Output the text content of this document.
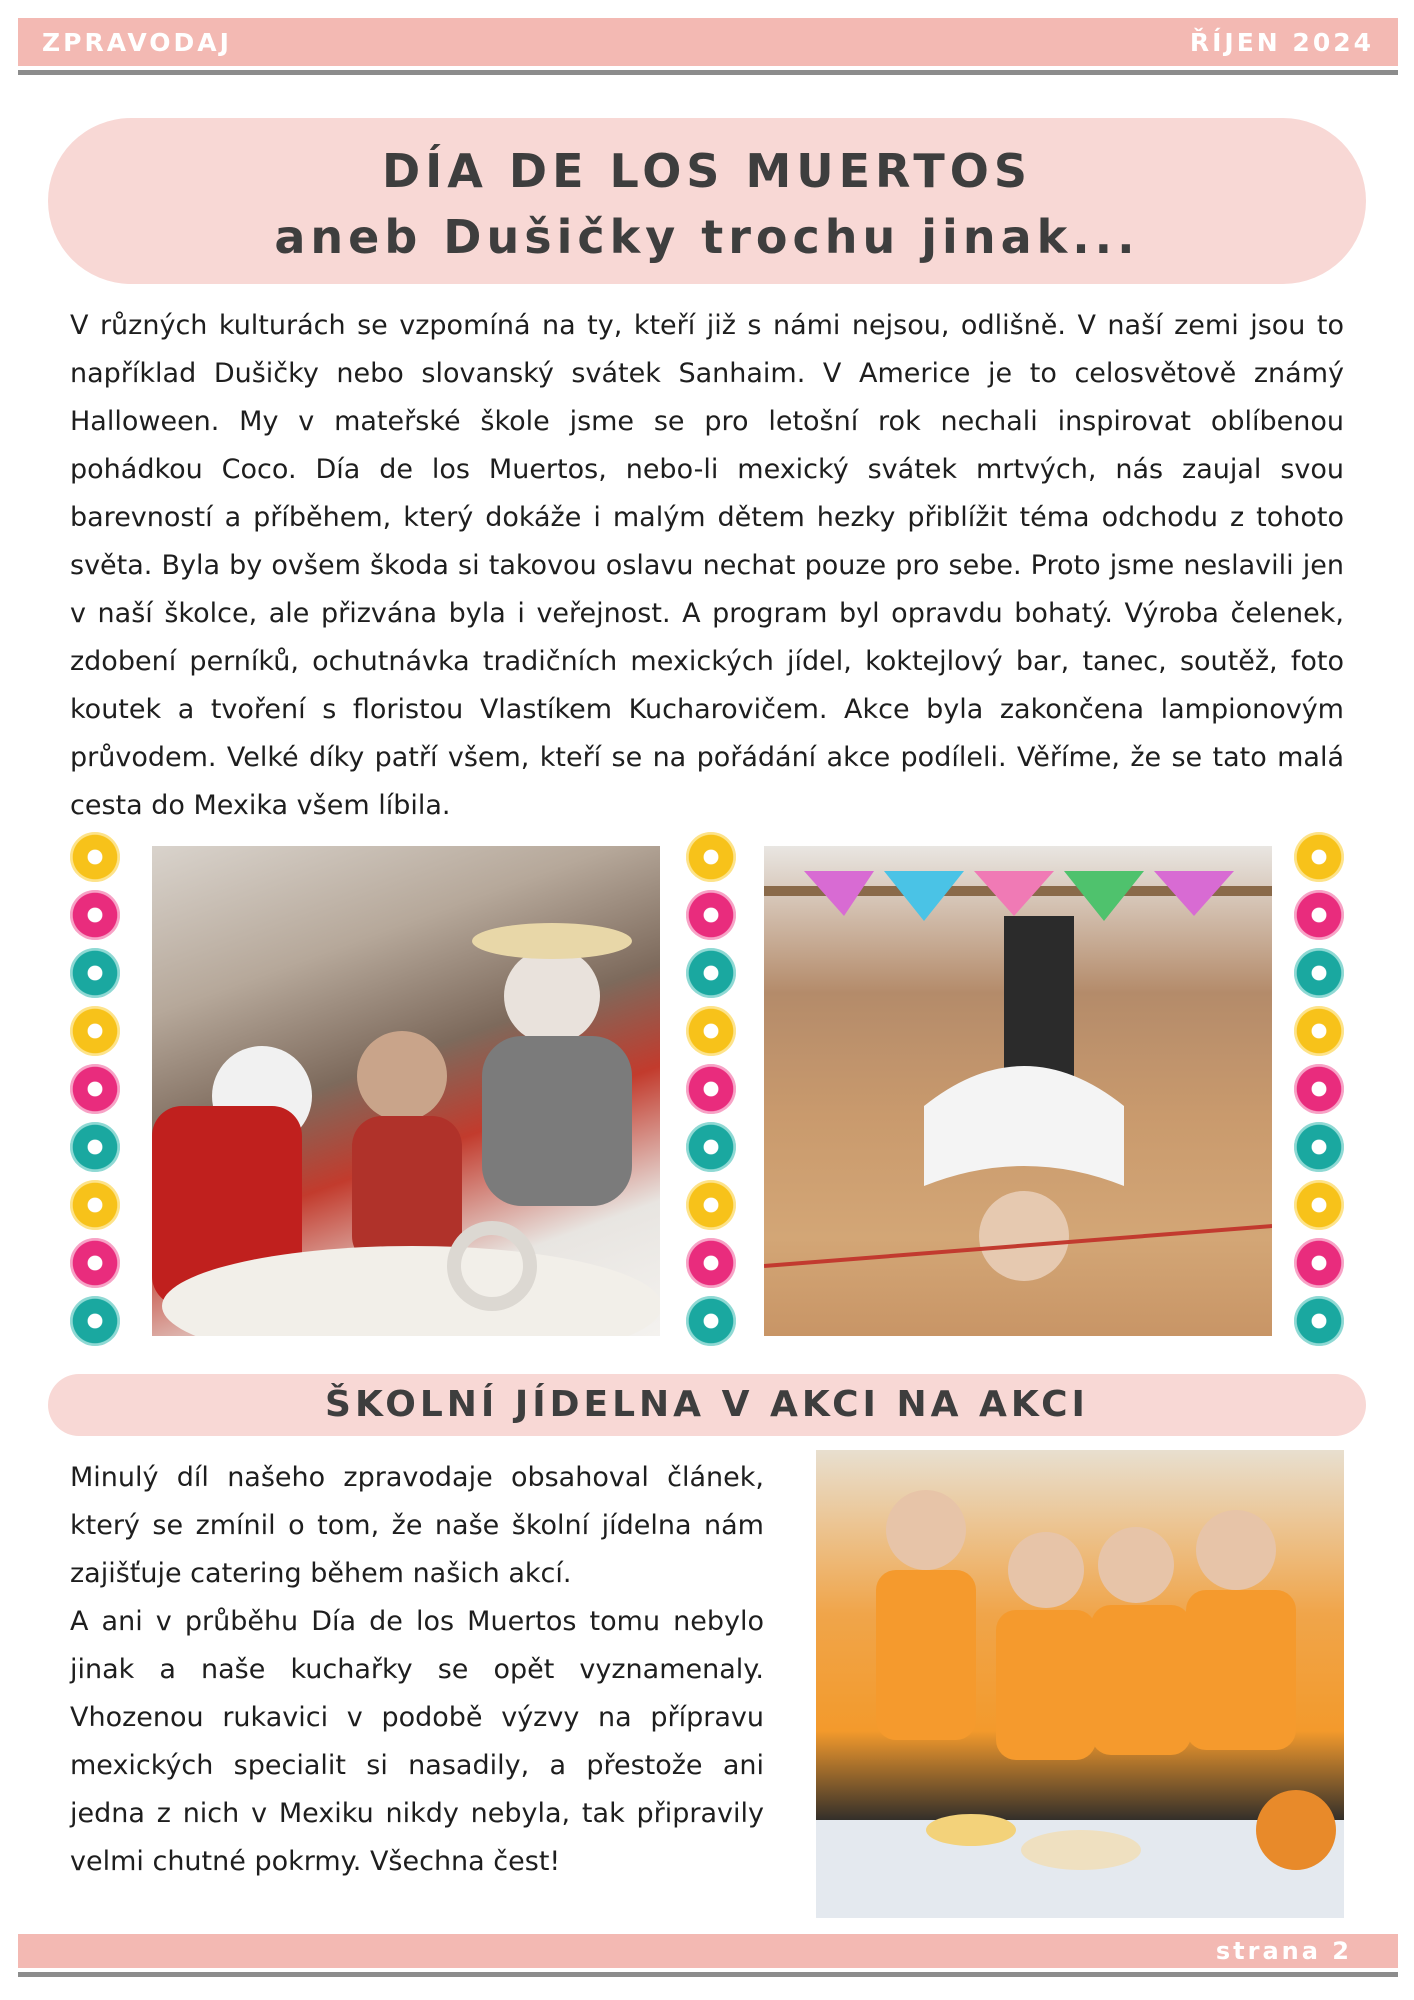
ZPRAVODAJ	ŘÍJEN 2024
DÍA DE LOS MUERTOS
aneb Dušičky trochu jinak...

V různých kulturách se vzpomíná na ty, kteří již s námi nejsou, odlišně. V naší zemi jsou to například Dušičky nebo slovanský svátek Sanhaim. V Americe je to celosvětově známý Halloween. My v mateřské škole jsme se pro letošní rok nechali inspirovat oblíbenou pohádkou Coco. Día de los Muertos, nebo-li mexický svátek mrtvých, nás zaujal svou barevností a příběhem, který dokáže i malým dětem hezky přiblížit téma odchodu z tohoto světa. Byla by ovšem škoda si takovou oslavu nechat pouze pro sebe. Proto jsme neslavili jen v naší školce, ale přizvána byla i veřejnost. A program byl opravdu bohatý. Výroba čelenek, zdobení perníků, ochutnávka tradičních mexických jídel, koktejlový bar, tanec, soutěž, foto koutek a tvoření s floristou Vlastíkem Kucharovičem. Akce byla zakončena lampionovým průvodem. Velké díky patří všem, kteří se na pořádání akce podíleli. Věříme, že se tato malá cesta do Mexika všem líbila.

ŠKOLNÍ JÍDELNA V AKCI NA AKCI

Minulý díl našeho zpravodaje obsahoval článek, který se zmínil o tom, že naše školní jídelna nám zajišťuje catering během našich akcí.

A ani v průběhu Día de los Muertos tomu nebylo jinak a naše kuchařky se opět vyznamenaly. Vhozenou rukavici v podobě výzvy na přípravu mexických specialit si nasadily, a přestože ani jedna z nich v Mexiku nikdy nebyla, tak připravily velmi chutné pokrmy. Všechna čest!

strana 2
